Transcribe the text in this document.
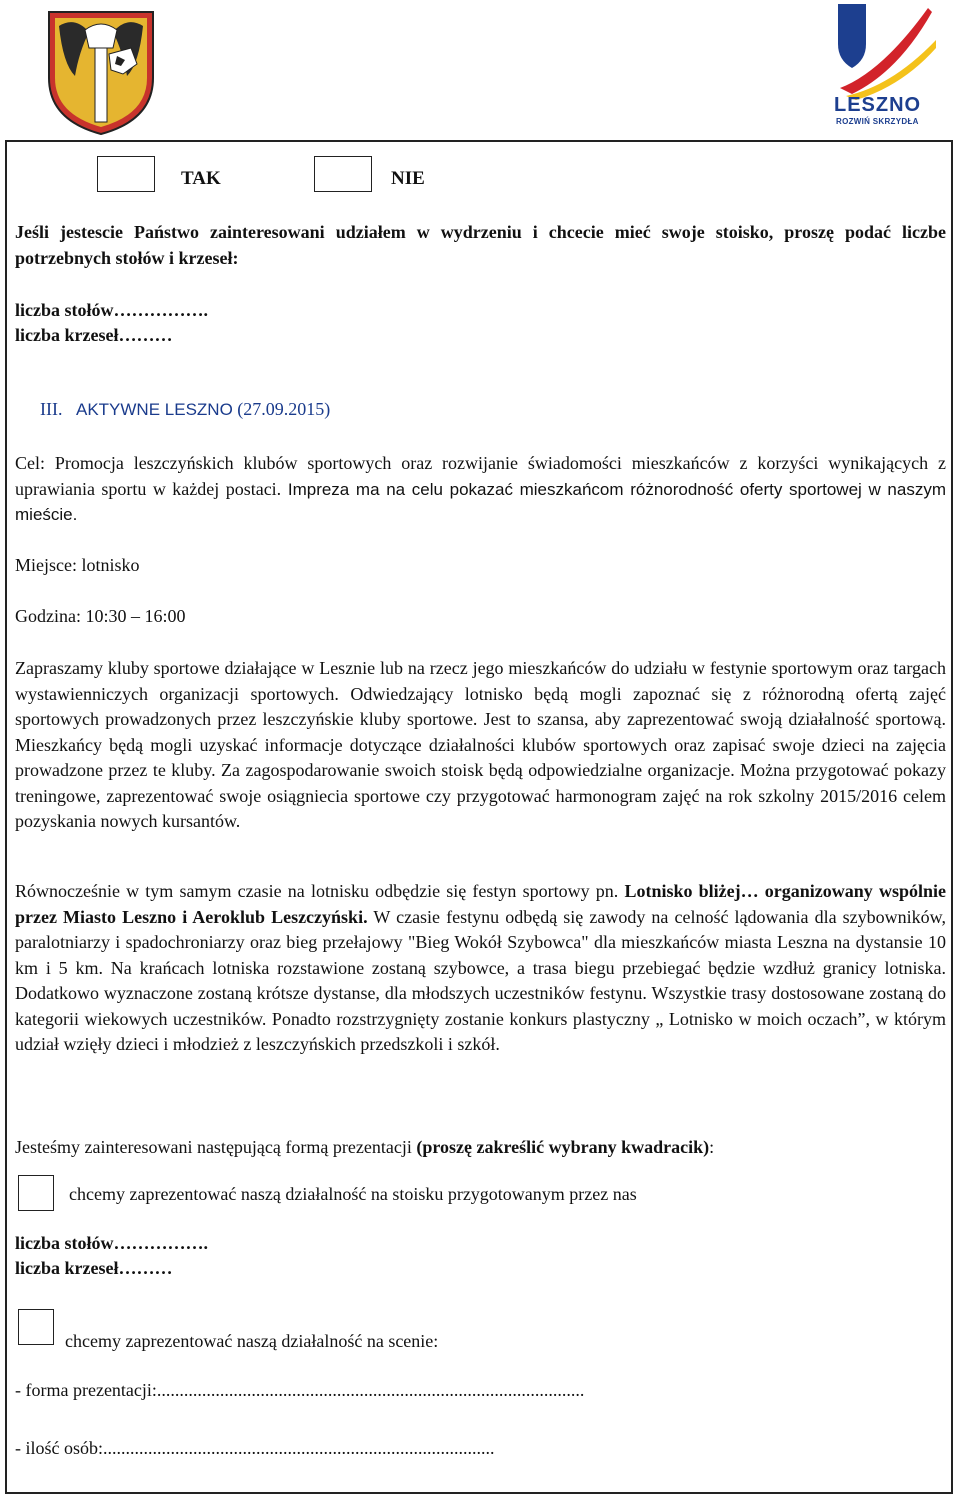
LESZNO
ROZWIŃ SKRZYDŁA
TAK	NIE

Jeśli jestescie Państwo zainteresowani udziałem w wydrzeniu i chcecie mieć swoje stoisko, proszę podać liczbe potrzebnych stołów i krzeseł:

liczba stołów…………….
liczba krzeseł………
III. AKTYWNE LESZNO (27.09.2015)

Cel: Promocja leszczyńskich klubów sportowych oraz rozwijanie świadomości mieszkańców z korzyści wynikających z uprawiania sportu w każdej postaci. Impreza ma na celu pokazać mieszkańcom różnorodność oferty sportowej w naszym mieście.

Miejsce: lotnisko
Godzina: 10:30 – 16:00

Zapraszamy kluby sportowe działające w Lesznie lub na rzecz jego mieszkańców do udziału w festynie sportowym oraz targach wystawienniczych organizacji sportowych. Odwiedzający lotnisko będą mogli zapoznać się z różnorodną ofertą zajęć sportowych prowadzonych przez leszczyńskie kluby sportowe. Jest to szansa, aby zaprezentować swoją działalność sportową. Mieszkańcy będą mogli uzyskać informacje dotyczące działalności klubów sportowych oraz zapisać swoje dzieci na zajęcia prowadzone przez te kluby. Za zagospodarowanie swoich stoisk będą odpowiedzialne organizacje. Można przygotować pokazy treningowe, zaprezentować swoje osiągniecia sportowe czy przygotować harmonogram zajęć na rok szkolny 2015/2016 celem pozyskania nowych kursantów.

Równocześnie w tym samym czasie na lotnisku odbędzie się festyn sportowy pn. Lotnisko bliżej… organizowany wspólnie przez Miasto Leszno i Aeroklub Leszczyński. W czasie festynu odbędą się zawody na celność lądowania dla szybowników, paralotniarzy i spadochroniarzy oraz bieg przełajowy "Bieg Wokół Szybowca" dla mieszkańców miasta Leszna na dystansie 10 km i 5 km. Na krańcach lotniska rozstawione zostaną szybowce, a trasa biegu przebiegać będzie wzdłuż granicy lotniska. Dodatkowo wyznaczone zostaną krótsze dystanse, dla młodszych uczestników festynu. Wszystkie trasy dostosowane zostaną do kategorii wiekowych uczestników. Ponadto rozstrzygnięty zostanie konkurs plastyczny „ Lotnisko w moich oczach”, w którym udział wzięły dzieci i młodzież z leszczyńskich przedszkoli i szkół.

Jesteśmy zainteresowani następującą formą prezentacji (proszę zakreślić wybrany kwadracik):
chcemy zaprezentować naszą działalność na stoisku przygotowanym przez nas
liczba stołów…………….
liczba krzeseł………
chcemy zaprezentować naszą działalność na scenie:
- forma prezentacji:...............................................................................................
- ilość osób:.......................................................................................
